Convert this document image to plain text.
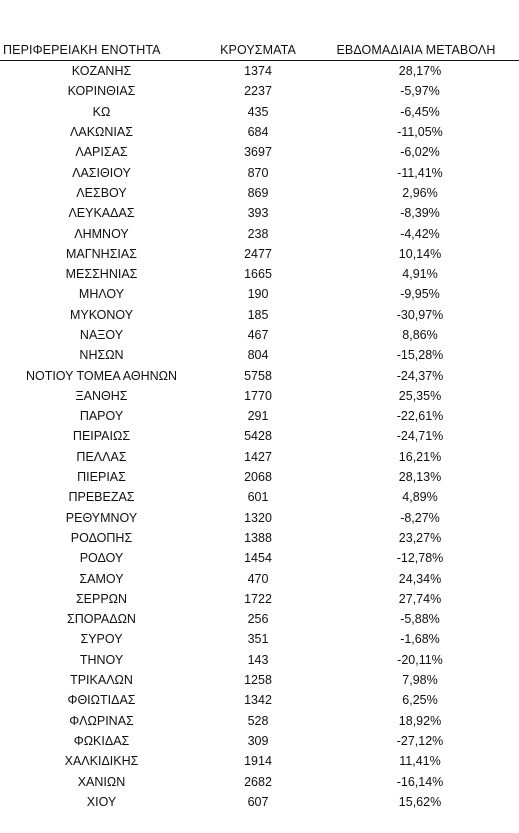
ΠΕΡΙΦΕΡΕΙΑΚΗ ΕΝΟΤΗΤΑ	ΚΡΟΥΣΜΑΤΑ	ΕΒΔΟΜΑΔΙΑΙΑ ΜΕΤΑΒΟΛΗ
ΚΟΖΑΝΗΣ	1374	28,17%
ΚΟΡΙΝΘΙΑΣ	2237	-5,97%
ΚΩ	435	-6,45%
ΛΑΚΩΝΙΑΣ	684	-11,05%
ΛΑΡΙΣΑΣ	3697	-6,02%
ΛΑΣΙΘΙΟΥ	870	-11,41%
ΛΕΣΒΟΥ	869	2,96%
ΛΕΥΚΑΔΑΣ	393	-8,39%
ΛΗΜΝΟΥ	238	-4,42%
ΜΑΓΝΗΣΙΑΣ	2477	10,14%
ΜΕΣΣΗΝΙΑΣ	1665	4,91%
ΜΗΛΟΥ	190	-9,95%
ΜΥΚΟΝΟΥ	185	-30,97%
ΝΑΞΟΥ	467	8,86%
ΝΗΣΩΝ	804	-15,28%
ΝΟΤΙΟΥ ΤΟΜΕΑ ΑΘΗΝΩΝ	5758	-24,37%
ΞΑΝΘΗΣ	1770	25,35%
ΠΑΡΟΥ	291	-22,61%
ΠΕΙΡΑΙΩΣ	5428	-24,71%
ΠΕΛΛΑΣ	1427	16,21%
ΠΙΕΡΙΑΣ	2068	28,13%
ΠΡΕΒΕΖΑΣ	601	4,89%
ΡΕΘΥΜΝΟΥ	1320	-8,27%
ΡΟΔΟΠΗΣ	1388	23,27%
ΡΟΔΟΥ	1454	-12,78%
ΣΑΜΟΥ	470	24,34%
ΣΕΡΡΩΝ	1722	27,74%
ΣΠΟΡΑΔΩΝ	256	-5,88%
ΣΥΡΟΥ	351	-1,68%
ΤΗΝΟΥ	143	-20,11%
ΤΡΙΚΑΛΩΝ	1258	7,98%
ΦΘΙΩΤΙΔΑΣ	1342	6,25%
ΦΛΩΡΙΝΑΣ	528	18,92%
ΦΩΚΙΔΑΣ	309	-27,12%
ΧΑΛΚΙΔΙΚΗΣ	1914	11,41%
ΧΑΝΙΩΝ	2682	-16,14%
ΧΙΟΥ	607	15,62%
